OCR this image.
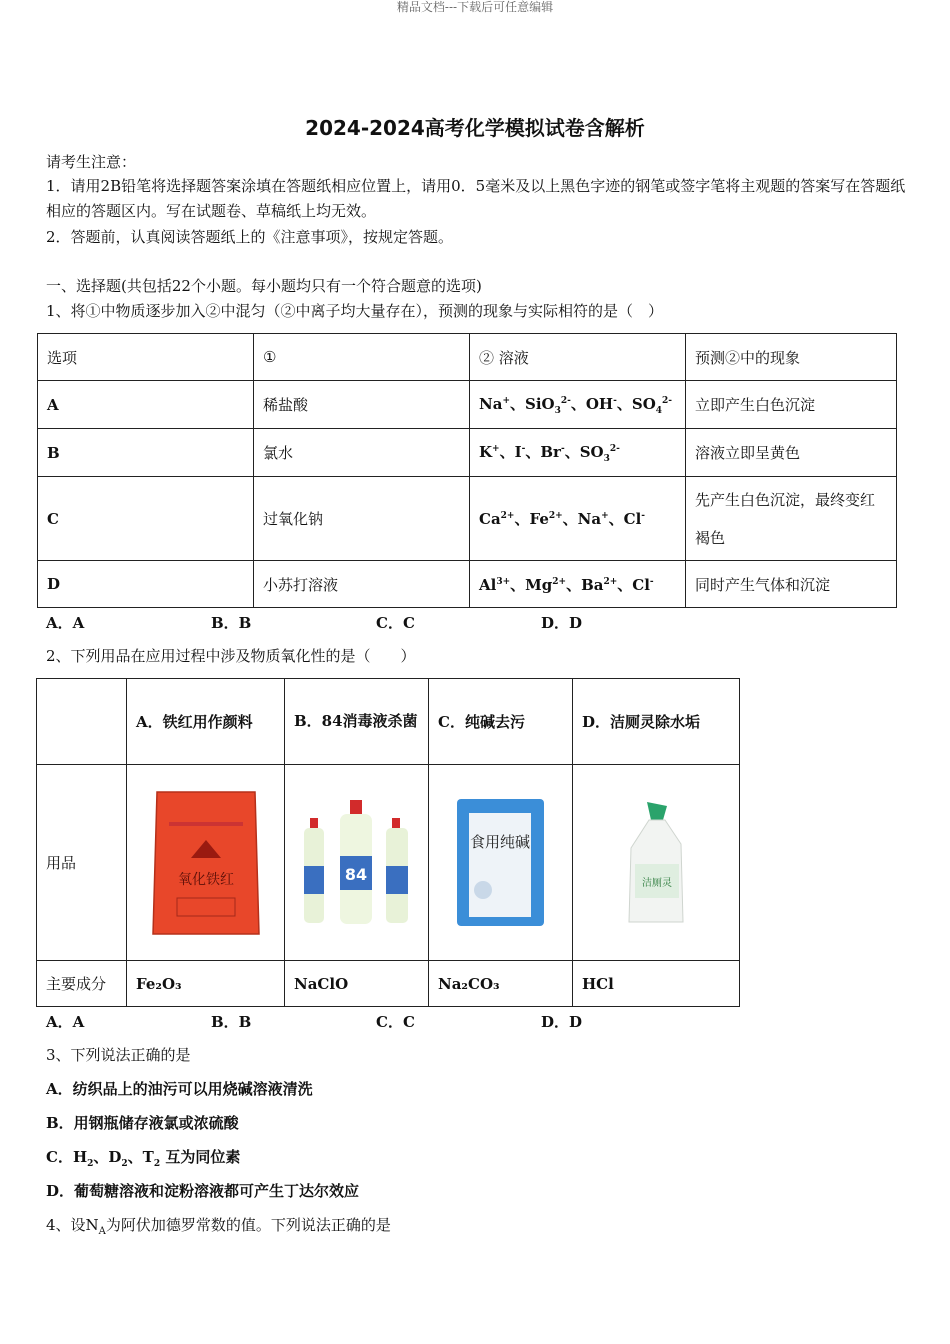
精品文档---下载后可任意编辑
2024-2024高考化学模拟试卷含解析
请考生注意：
1．请用2B铅笔将选择题答案涂填在答题纸相应位置上，请用0．5毫米及以上黑色字迹的钢笔或签字笔将主观题的答案写在答题纸相应的答题区内。写在试题卷、草稿纸上均无效。
2．答题前，认真阅读答题纸上的《注意事项》，按规定答题。
一、选择题(共包括22个小题。每小题均只有一个符合题意的选项)
1、将①中物质逐步加入②中混匀（②中离子均大量存在），预测的现象与实际相符的是（　）
选项	①	② 溶液	预测②中的现象
A	稀盐酸	Na+、SiO$_3^{2-}$、OH-、$SO_4^{2-}$	立即产生白色沉淀
B	氯水	K+、I-、Br-、$SO_3^{2-}$	溶液立即呈黄色
C	过氧化钠	$Ca^{2+}$、$Fe^{2+}$、Na+、Cl-	先产生白色沉淀，最终变红褐色
D	小苏打溶液	$Al^{3+}$、$Mg^{2+}$、$Ba^{2+}$、Cl-	同时产生气体和沉淀
A．A	B．B	C．C	D．D
2、下列用品在应用过程中涉及物质氧化性的是（　　）
	A．铁红用作颜料	B．84消毒液杀菌	C．纯碱去污	D．洁厕灵除水垢
用品	氧化铁红	84	食用纯碱	洁厕灵

主要成分	Fe₂O₃	NaClO	Na₂CO₃	HCl
A．A	B．B	C．C	D．D
3、下列说法正确的是
A．纺织品上的油污可以用烧碱溶液清洗
B．用钢瓶储存液氯或浓硫酸
C．$H_2$、$D_2$、$T_2$ 互为同位素
D．葡萄糖溶液和淀粉溶液都可产生丁达尔效应
4、设$N_A$为阿伏加德罗常数的值。下列说法正确的是
